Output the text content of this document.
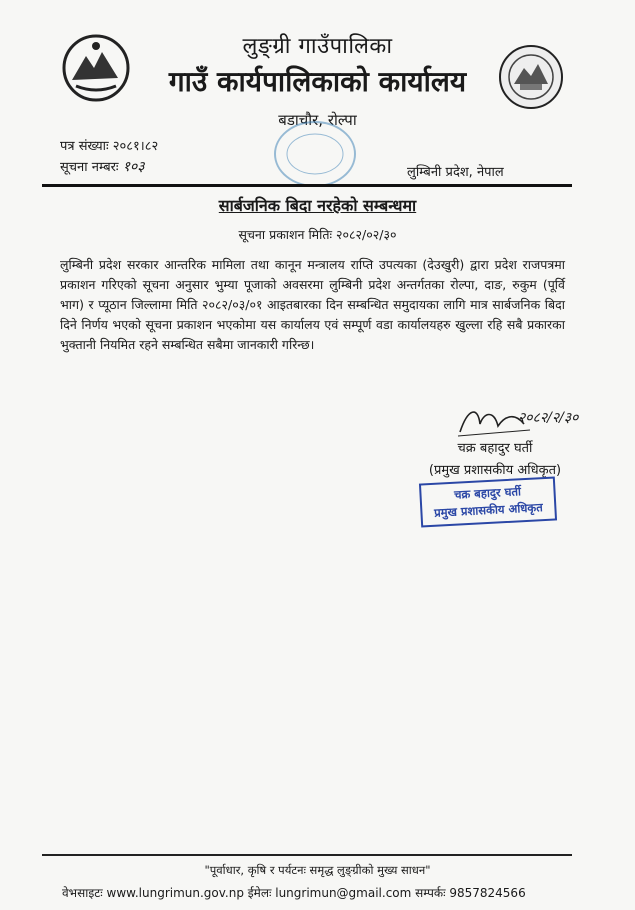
लुङ्ग्री गाउँपालिका
गाउँ कार्यपालिकाको कार्यालय
बडाचौर, रोल्पा
पत्र संख्याः २०८१।८२
सूचना नम्बरः १०३	लुम्बिनी प्रदेश, नेपाल
सार्बजनिक बिदा नरहेको सम्बन्धमा
सूचना प्रकाशन मितिः २०८२/०२/३०
लुम्बिनी प्रदेश सरकार आन्तरिक मामिला तथा कानून मन्त्रालय राप्ति उपत्यका (देउखुरी) द्वारा प्रदेश राजपत्रमा प्रकाशन गरिएको सूचना अनुसार भुम्या पूजाको अवसरमा लुम्बिनी प्रदेश अन्तर्गतका रोल्पा, दाङ, रुकुम (पूर्वि भाग) र प्यूठान जिल्लामा मिति २०८२/०३/०१ आइतबारका दिन सम्बन्धित समुदायका लागि मात्र सार्बजनिक बिदा दिने निर्णय भएको सूचना प्रकाशन भएकोमा यस कार्यालय एवं सम्पूर्ण वडा कार्यालयहरु खुल्ला रहि सबै प्रकारका भुक्तानी नियमित रहने सम्बन्धित सबैमा जानकारी गरिन्छ।
२०८२/२/३०
चक्र बहादुर घर्ती
(प्रमुख प्रशासकीय अधिकृत)
चक्र बहादुर घर्ती
प्रमुख प्रशासकीय अधिकृत
"पूर्वाधार, कृषि र पर्यटनः समृद्ध लुङ्ग्रीको मुख्य साधन"
वेभसाइटः www.lungrimun.gov.np ईमेलः lungrimun@gmail.com सम्पर्कः 9857824566
